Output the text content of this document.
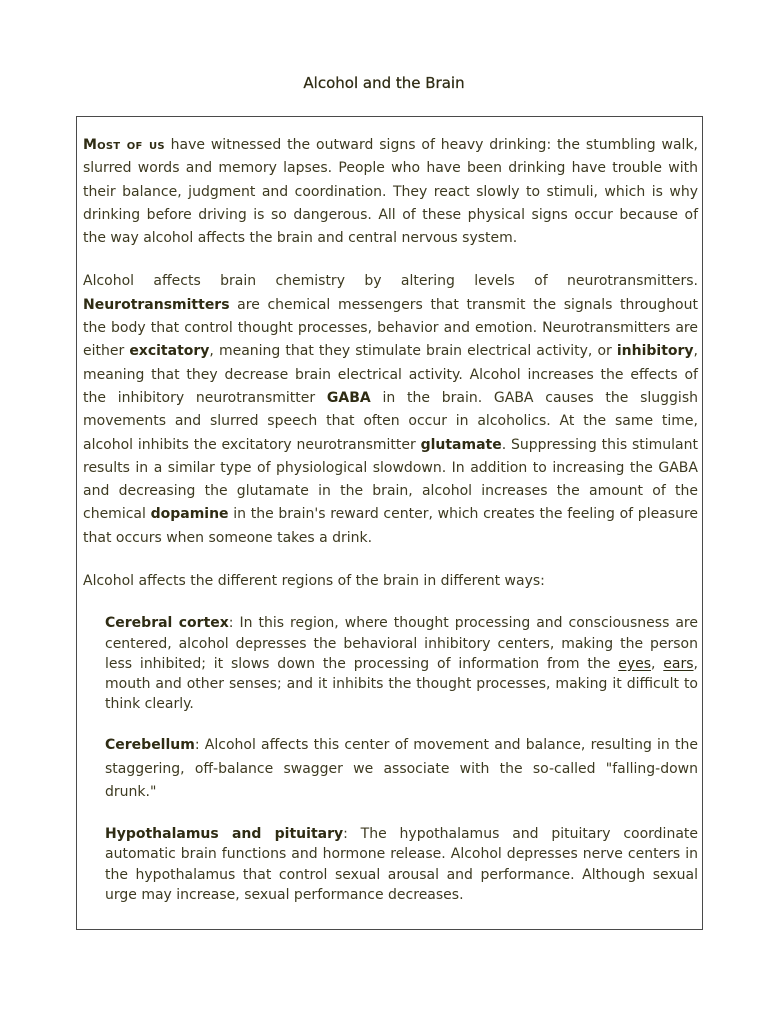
Alcohol and the Brain

Most of us have witnessed the outward signs of heavy drinking: the stumbling walk, slurred words and memory lapses. People who have been drinking have trouble with their balance, judgment and coordination. They react slowly to stimuli, which is why drinking before driving is so dangerous. All of these physical signs occur because of the way alcohol affects the brain and central nervous system.

Alcohol affects brain chemistry by altering levels of neurotransmitters. Neurotransmitters are chemical messengers that transmit the signals throughout the body that control thought processes, behavior and emotion. Neurotransmitters are either excitatory, meaning that they stimulate brain electrical activity, or inhibitory, meaning that they decrease brain electrical activity. Alcohol increases the effects of the inhibitory neurotransmitter GABA in the brain. GABA causes the sluggish movements and slurred speech that often occur in alcoholics. At the same time, alcohol inhibits the excitatory neurotransmitter glutamate. Suppressing this stimulant results in a similar type of physiological slowdown. In addition to increasing the GABA and decreasing the glutamate in the brain, alcohol increases the amount of the chemical dopamine in the brain's reward center, which creates the feeling of pleasure that occurs when someone takes a drink.

Alcohol affects the different regions of the brain in different ways:

Cerebral cortex: In this region, where thought processing and consciousness are centered, alcohol depresses the behavioral inhibitory centers, making the person less inhibited; it slows down the processing of information from the eyes, ears, mouth and other senses; and it inhibits the thought processes, making it difficult to think clearly.

Cerebellum: Alcohol affects this center of movement and balance, resulting in the staggering, off-balance swagger we associate with the so-called "falling-down drunk."

Hypothalamus and pituitary: The hypothalamus and pituitary coordinate automatic brain functions and hormone release. Alcohol depresses nerve centers in the hypothalamus that control sexual arousal and performance. Although sexual urge may increase, sexual performance decreases.
